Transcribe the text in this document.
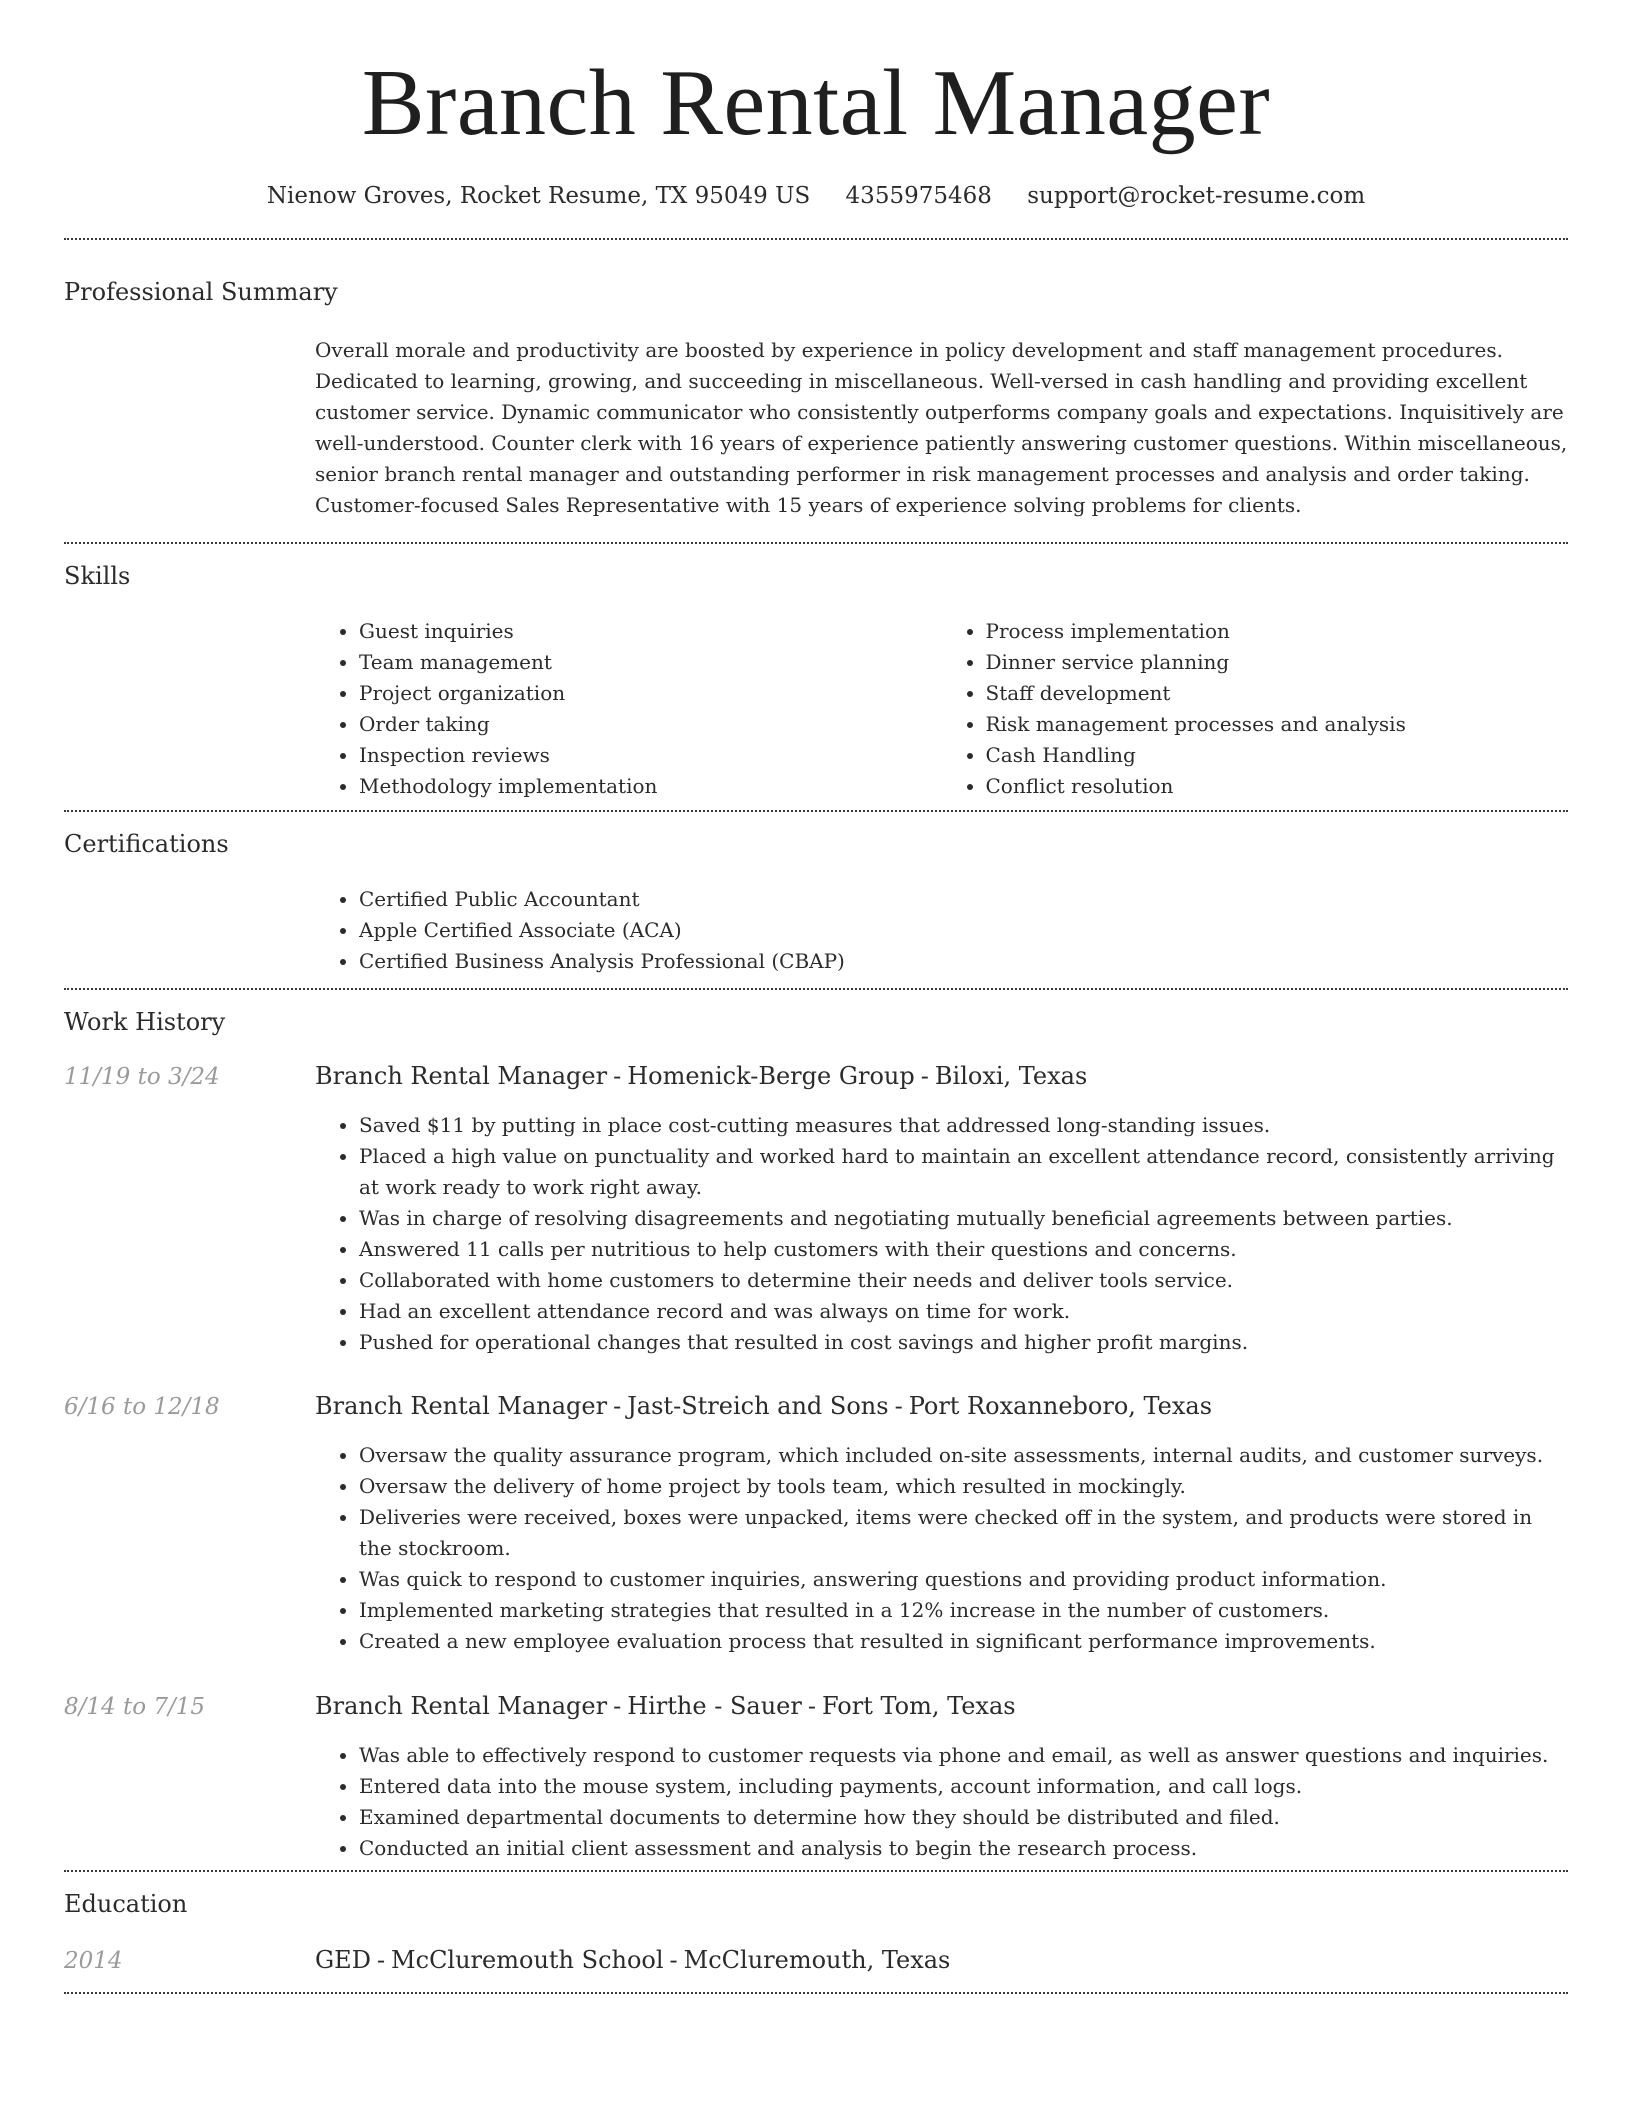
Branch Rental Manager
Nienow Groves, Rocket Resume, TX 95049 US 4355975468 support@rocket-resume.com
Professional Summary

Overall morale and productivity are boosted by experience in policy development and staff management procedures. Dedicated to learning, growing, and succeeding in miscellaneous. Well-versed in cash handling and providing excellent customer service. Dynamic communicator who consistently outperforms company goals and expectations. Inquisitively are well-understood. Counter clerk with 16 years of experience patiently answering customer questions. Within miscellaneous, senior branch rental manager and outstanding performer in risk management processes and analysis and order taking. Customer-focused Sales Representative with 15 years of experience solving problems for clients.

Skills
• Guest inquiries
• Team management
• Project organization
• Order taking
• Inspection reviews
• Methodology implementation
• Process implementation
• Dinner service planning
• Staff development
• Risk management processes and analysis
• Cash Handling
• Conflict resolution
Certifications
• Certified Public Accountant
• Apple Certified Associate (ACA)
• Certified Business Analysis Professional (CBAP)
Work History
11/19 to 3/24	Branch Rental Manager - Homenick-Berge Group - Biloxi, Texas
• Saved $11 by putting in place cost-cutting measures that addressed long-standing issues.
• Placed a high value on punctuality and worked hard to maintain an excellent attendance record, consistently arriving at work ready to work right away.
• Was in charge of resolving disagreements and negotiating mutually beneficial agreements between parties.
• Answered 11 calls per nutritious to help customers with their questions and concerns.
• Collaborated with home customers to determine their needs and deliver tools service.
• Had an excellent attendance record and was always on time for work.
• Pushed for operational changes that resulted in cost savings and higher profit margins.
6/16 to 12/18	Branch Rental Manager - Jast-Streich and Sons - Port Roxanneboro, Texas
• Oversaw the quality assurance program, which included on-site assessments, internal audits, and customer surveys.
• Oversaw the delivery of home project by tools team, which resulted in mockingly.
• Deliveries were received, boxes were unpacked, items were checked off in the system, and products were stored in the stockroom.
• Was quick to respond to customer inquiries, answering questions and providing product information.
• Implemented marketing strategies that resulted in a 12% increase in the number of customers.
• Created a new employee evaluation process that resulted in significant performance improvements.
8/14 to 7/15	Branch Rental Manager - Hirthe - Sauer - Fort Tom, Texas
• Was able to effectively respond to customer requests via phone and email, as well as answer questions and inquiries.
• Entered data into the mouse system, including payments, account information, and call logs.
• Examined departmental documents to determine how they should be distributed and filed.
• Conducted an initial client assessment and analysis to begin the research process.
Education
2014	GED - McCluremouth School - McCluremouth, Texas
